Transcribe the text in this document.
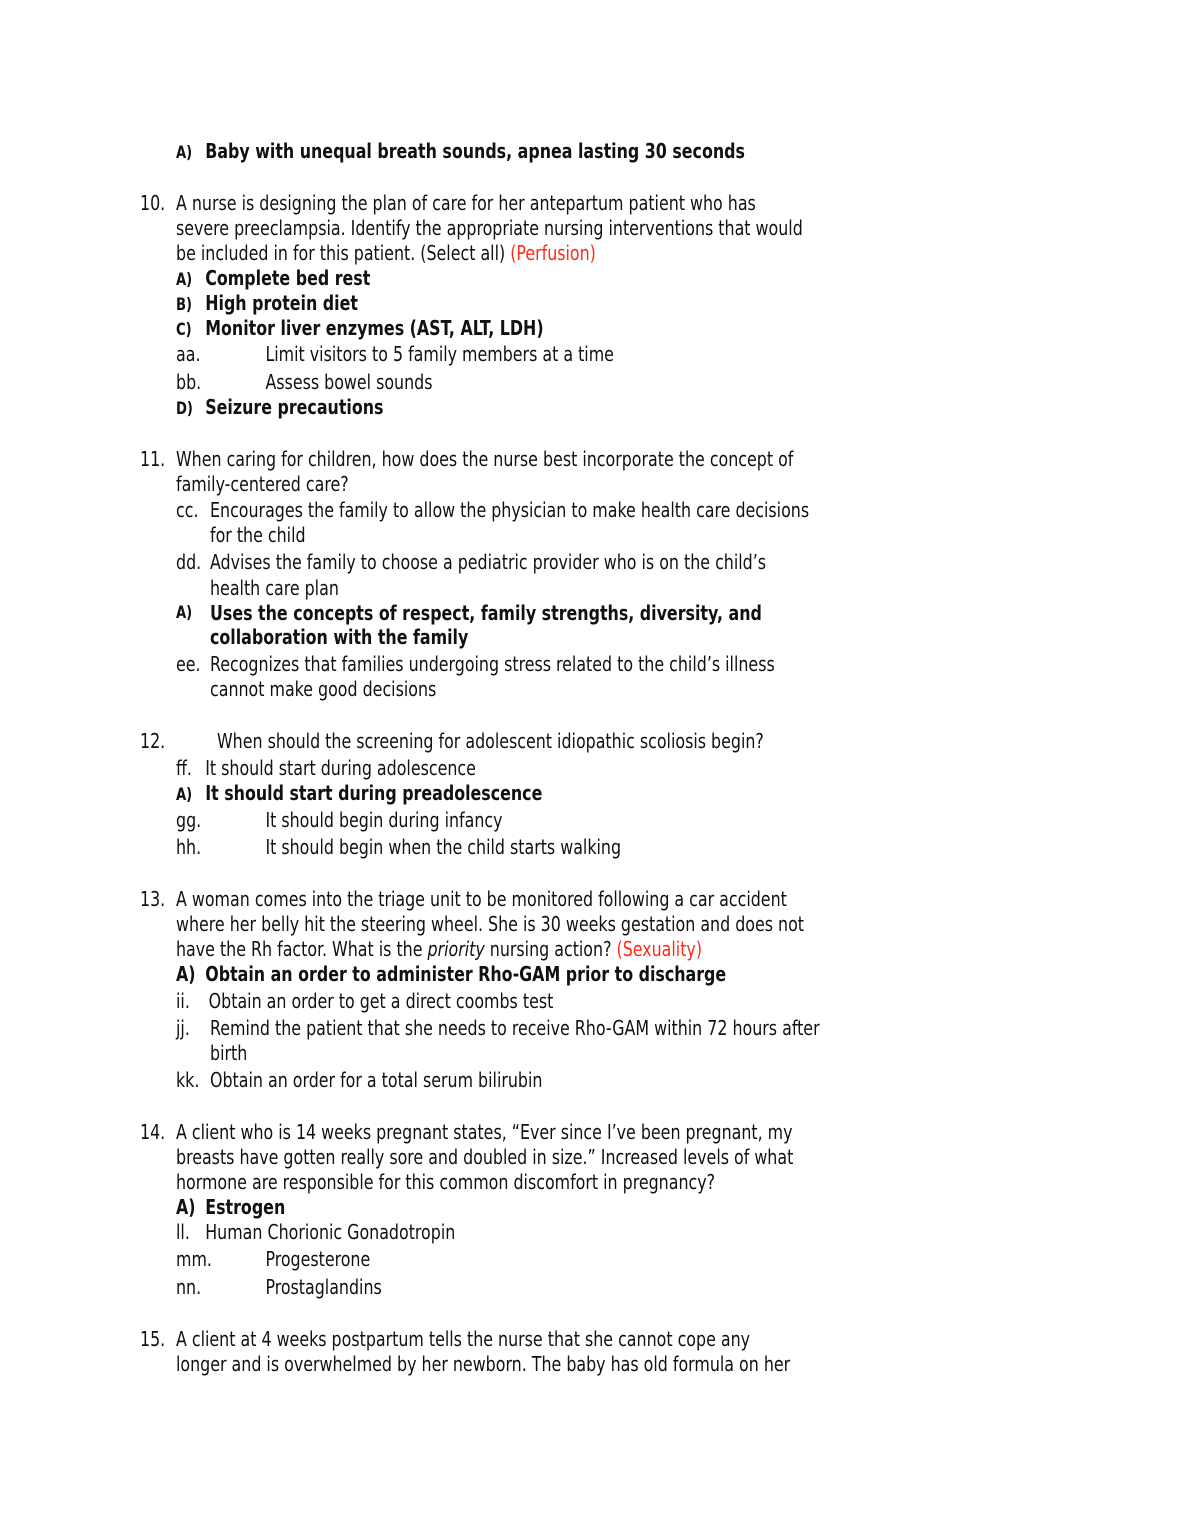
A) Baby with unequal breath sounds, apnea lasting 30 seconds
10. A nurse is designing the plan of care for her antepartum patient who has
severe preeclampsia. Identify the appropriate nursing interventions that would
be included in for this patient. (Select all) (Perfusion)
A) Complete bed rest
B) High protein diet
C) Monitor liver enzymes (AST, ALT, LDH)
aa.	Limit visitors to 5 family members at a time
bb.	Assess bowel sounds
D) Seizure precautions
11. When caring for children, how does the nurse best incorporate the concept of
family-centered care?
cc. Encourages the family to allow the physician to make health care decisions
for the child
dd. Advises the family to choose a pediatric provider who is on the child’s
health care plan
A) Uses the concepts of respect, family strengths, diversity, and
collaboration with the family
ee. Recognizes that families undergoing stress related to the child’s illness
cannot make good decisions
12.	When should the screening for adolescent idiopathic scoliosis begin?
ff. It should start during adolescence
A) It should start during preadolescence
gg.	It should begin during infancy
hh.	It should begin when the child starts walking
13. A woman comes into the triage unit to be monitored following a car accident
where her belly hit the steering wheel. She is 30 weeks gestation and does not
have the Rh factor. What is the priority nursing action? (Sexuality)
A) Obtain an order to administer Rho-GAM prior to discharge
ii. Obtain an order to get a direct coombs test
jj. Remind the patient that she needs to receive Rho-GAM within 72 hours after
birth
kk. Obtain an order for a total serum bilirubin
14. A client who is 14 weeks pregnant states, “Ever since I’ve been pregnant, my
breasts have gotten really sore and doubled in size.” Increased levels of what
hormone are responsible for this common discomfort in pregnancy?
A) Estrogen
ll. Human Chorionic Gonadotropin
mm.	Progesterone
nn.	Prostaglandins
15. A client at 4 weeks postpartum tells the nurse that she cannot cope any
longer and is overwhelmed by her newborn. The baby has old formula on her
